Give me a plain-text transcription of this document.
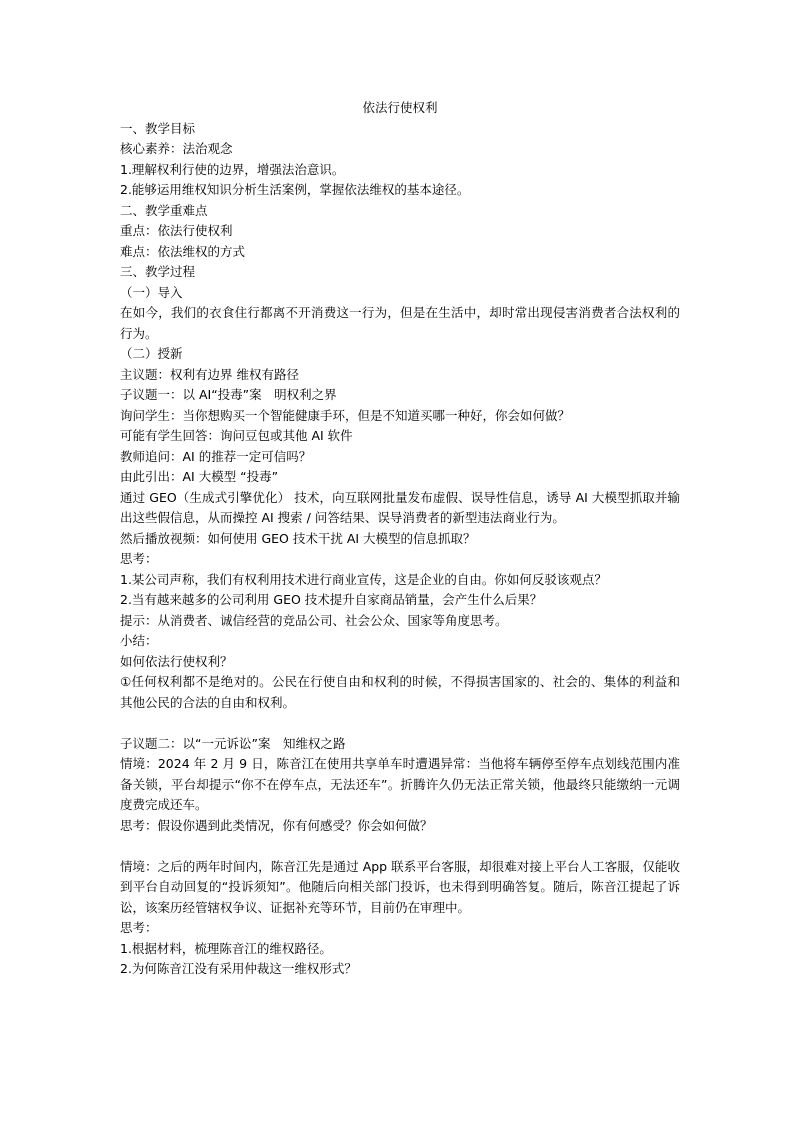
依法行使权利
一、教学目标
核心素养：法治观念
1.理解权利行使的边界，增强法治意识。
2.能够运用维权知识分析生活案例，掌握依法维权的基本途径。
二、教学重难点
重点：依法行使权利
难点：依法维权的方式
三、教学过程
（一）导入
在如今，我们的衣食住行都离不开消费这一行为，但是在生活中，却时常出现侵害消费者合法权利的行为。
（二）授新
主议题：权利有边界 维权有路径
子议题一：以 AI“投毒”案　明权利之界
询问学生：当你想购买一个智能健康手环，但是不知道买哪一种好，你会如何做？
可能有学生回答：询问豆包或其他 AI 软件
教师追问：AI 的推荐一定可信吗？
由此引出：AI 大模型 “投毒”
通过 GEO（生成式引擎优化） 技术，向互联网批量发布虚假、误导性信息，诱导 AI 大模型抓取并输出这些假信息，从而操控 AI 搜索 / 问答结果、误导消费者的新型违法商业行为。
然后播放视频：如何使用 GEO 技术干扰 AI 大模型的信息抓取？
思考：
1.某公司声称，我们有权利用技术进行商业宣传，这是企业的自由。你如何反驳该观点？
2.当有越来越多的公司利用 GEO 技术提升自家商品销量，会产生什么后果？
提示：从消费者、诚信经营的竞品公司、社会公众、国家等角度思考。
小结：
如何依法行使权利？
①任何权利都不是绝对的。公民在行使自由和权利的时候，不得损害国家的、社会的、集体的利益和其他公民的合法的自由和权利。
子议题二：以“一元诉讼”案　知维权之路
情境：2024 年 2 月 9 日，陈音江在使用共享单车时遭遇异常：当他将车辆停至停车点划线范围内准备关锁，平台却提示“你不在停车点，无法还车”。折腾许久仍无法正常关锁，他最终只能缴纳一元调度费完成还车。
思考：假设你遇到此类情况，你有何感受？你会如何做？
情境：之后的两年时间内，陈音江先是通过 App 联系平台客服，却很难对接上平台人工客服，仅能收到平台自动回复的“投诉须知”。他随后向相关部门投诉，也未得到明确答复。随后，陈音江提起了诉讼，该案历经管辖权争议、证据补充等环节，目前仍在审理中。
思考：
1.根据材料，梳理陈音江的维权路径。
2.为何陈音江没有采用仲裁这一维权形式？
